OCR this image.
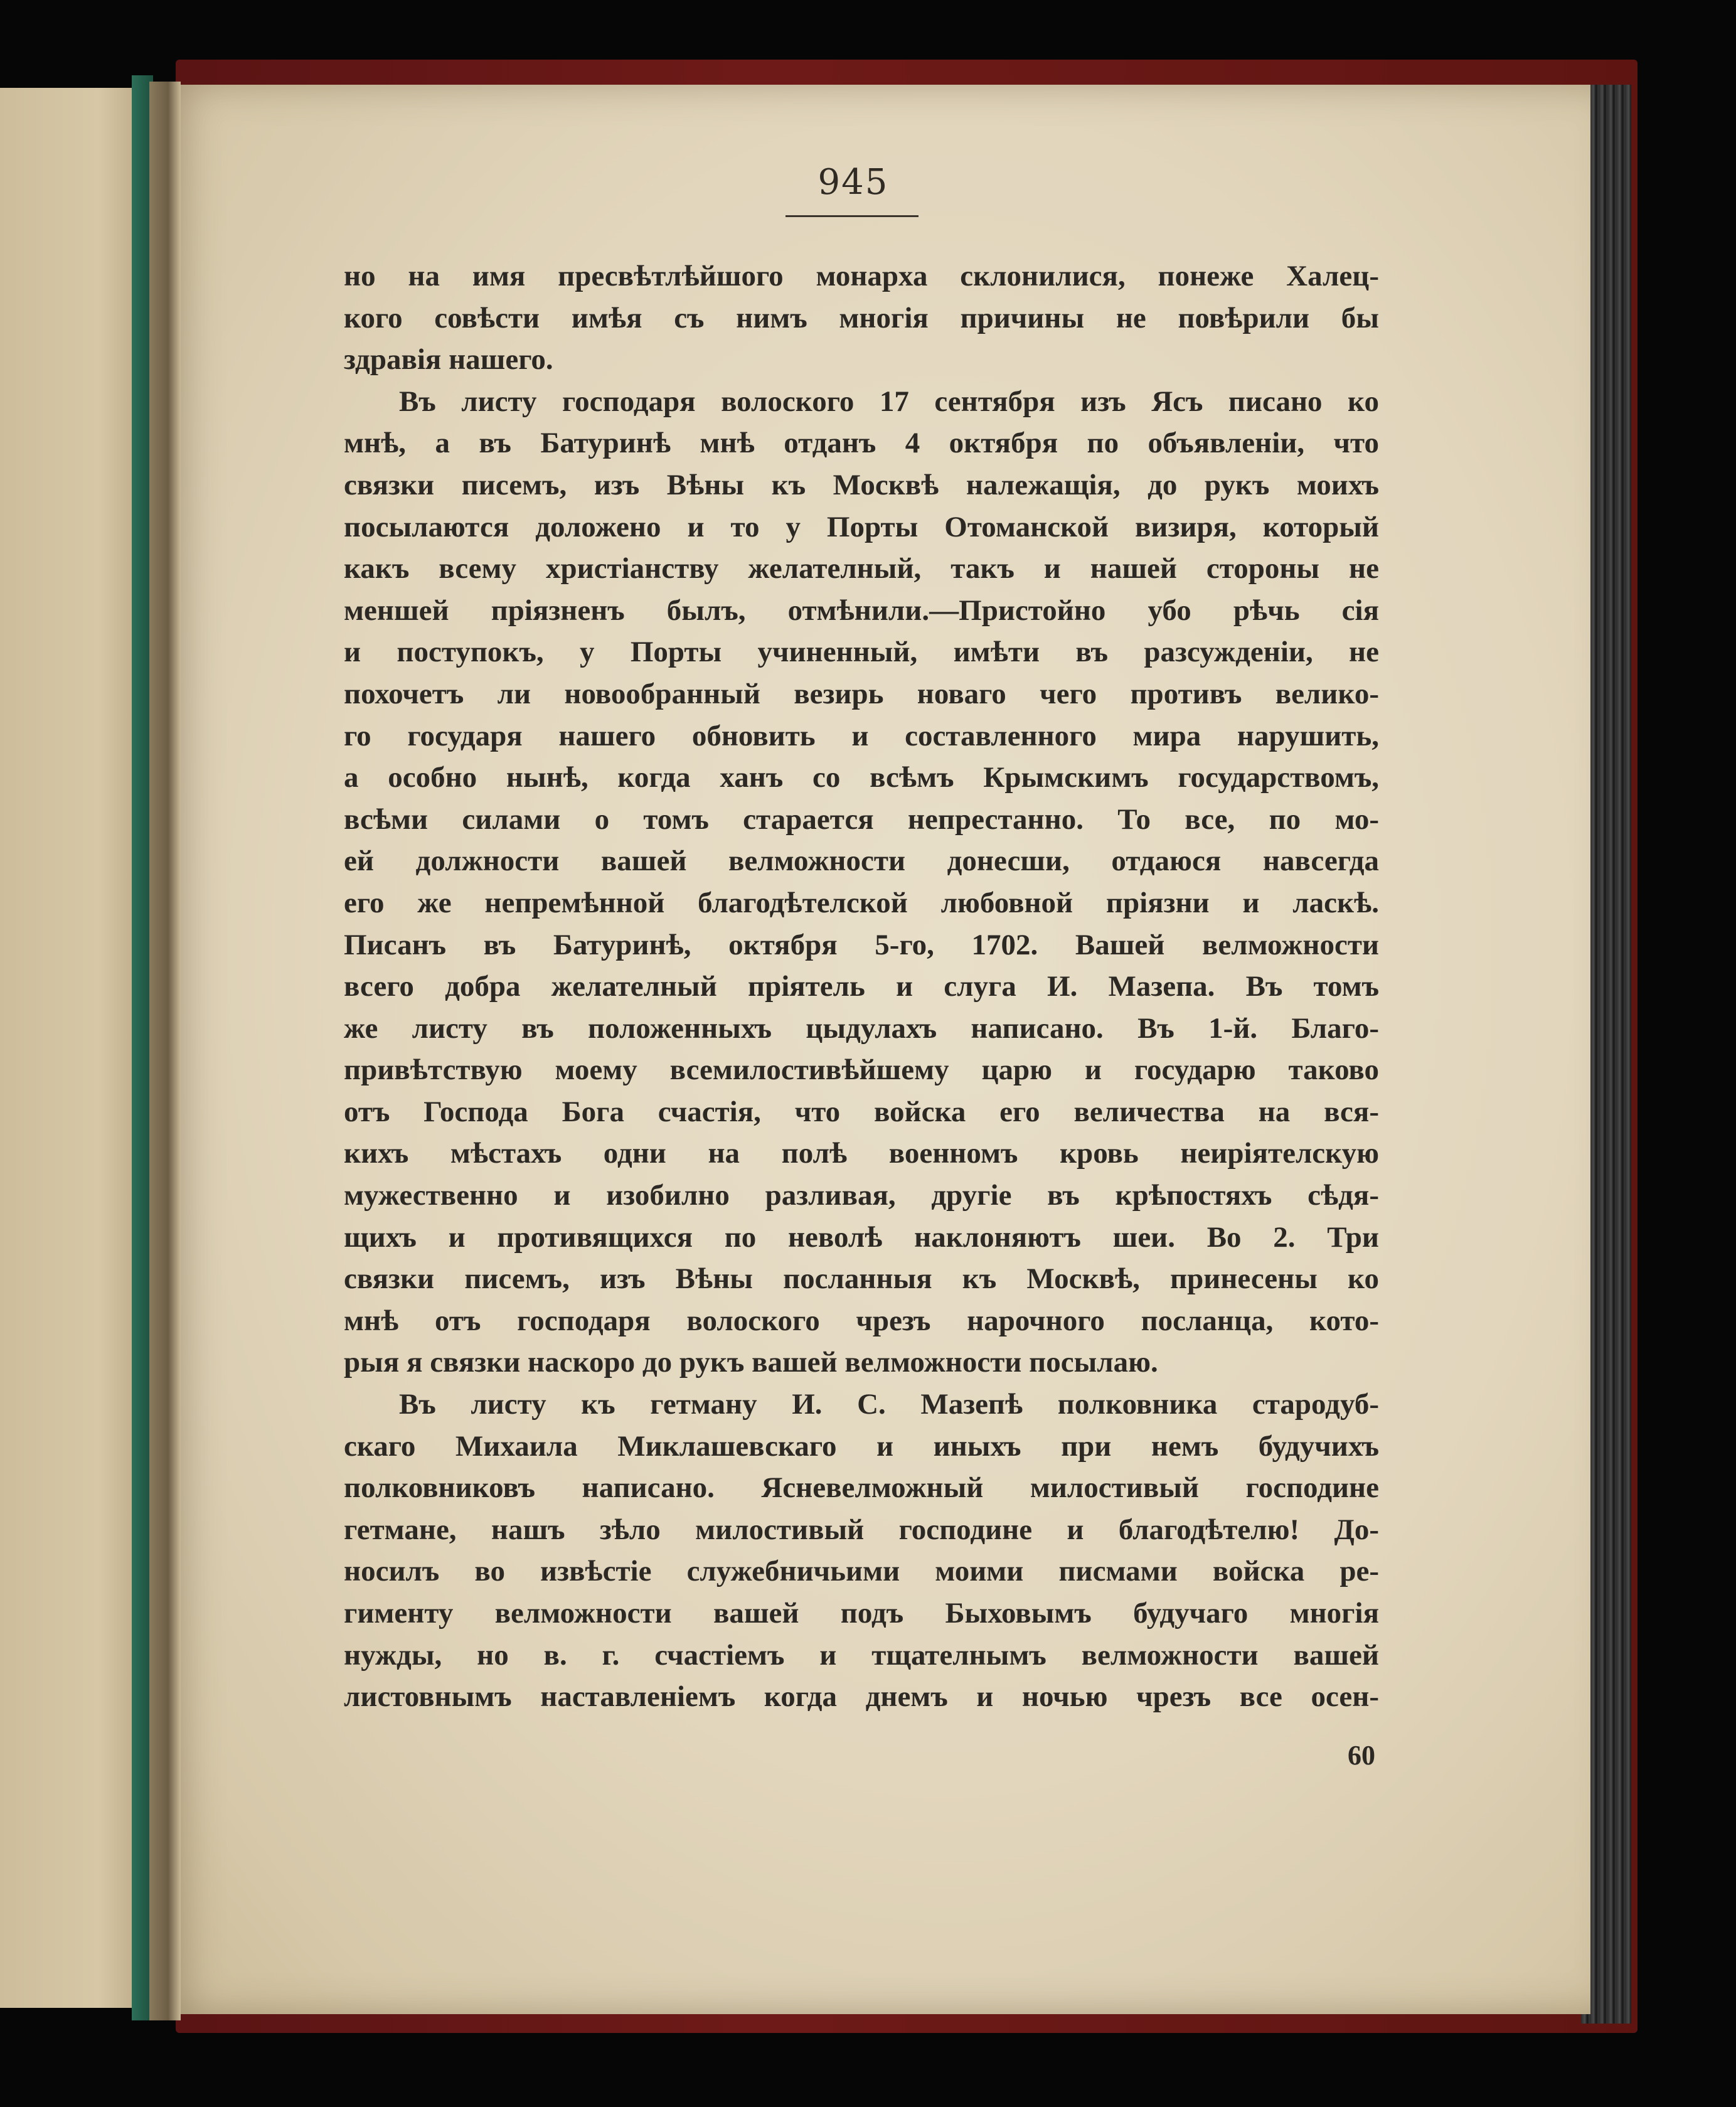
945
но на имя пресвѣтлѣйшого монарха склонилися, понеже Халец-
кого совѣсти имѣя съ нимъ многія причины не повѣрили бы
здравія нашего.
Въ листу господаря волоского 17 сентября изъ Ясъ писано ко
мнѣ, а въ Батуринѣ мнѣ отданъ 4 октября по объявленіи, что
связки писемъ, изъ Вѣны къ Москвѣ належащія, до рукъ моихъ
посылаются доложено и то у Порты Отоманской визиря, который
какъ всему христіанству желателный, такъ и нашей стороны не
меншей пріязненъ былъ, отмѣнили.—Пристойно убо рѣчь сія
и поступокъ, у Порты учиненный, имѣти въ разсужденіи, не
похочетъ ли новообранный везирь новаго чего противъ велико-
го государя нашего обновить и составленного мира нарушить,
а особно нынѣ, когда ханъ со всѣмъ Крымскимъ государствомъ,
всѣми силами о томъ старается непрестанно. То все, по мо-
ей должности вашей велможности донесши, отдаюся навсегда
его же непремѣнной благодѣтелской любовной пріязни и ласкѣ.
Писанъ въ Батуринѣ, октября 5-го, 1702. Вашей велможности
всего добра желателный пріятель и слуга И. Мазепа. Въ томъ
же листу въ положенныхъ цыдулахъ написано. Въ 1-й. Благо-
привѣтствую моему всемилостивѣйшему царю и государю таково
отъ Господа Бога счастія, что войска его величества на вся-
кихъ мѣстахъ одни на полѣ военномъ кровь неиріятелскую
мужественно и изобилно разливая, другіе въ крѣпостяхъ сѣдя-
щихъ и противящихся по неволѣ наклоняютъ шеи. Во 2. Три
связки писемъ, изъ Вѣны посланныя къ Москвѣ, принесены ко
мнѣ отъ господаря волоского чрезъ нарочного посланца, кото-
рыя я связки наскоро до рукъ вашей велможности посылаю.
Въ листу къ гетману И. С. Мазепѣ полковника стародуб-
скаго Михаила Миклашевскаго и иныхъ при немъ будучихъ
полковниковъ написано. Ясневелможный милостивый господине
гетмане, нашъ зѣло милостивый господине и благодѣтелю! До-
носилъ во извѣстіе служебничьими моими писмами войска ре-
гименту велможности вашей подъ Быховымъ будучаго многія
нужды, но в. г. счастіемъ и тщателнымъ велможности вашей
листовнымъ наставленіемъ когда днемъ и ночью чрезъ все осен-
60
